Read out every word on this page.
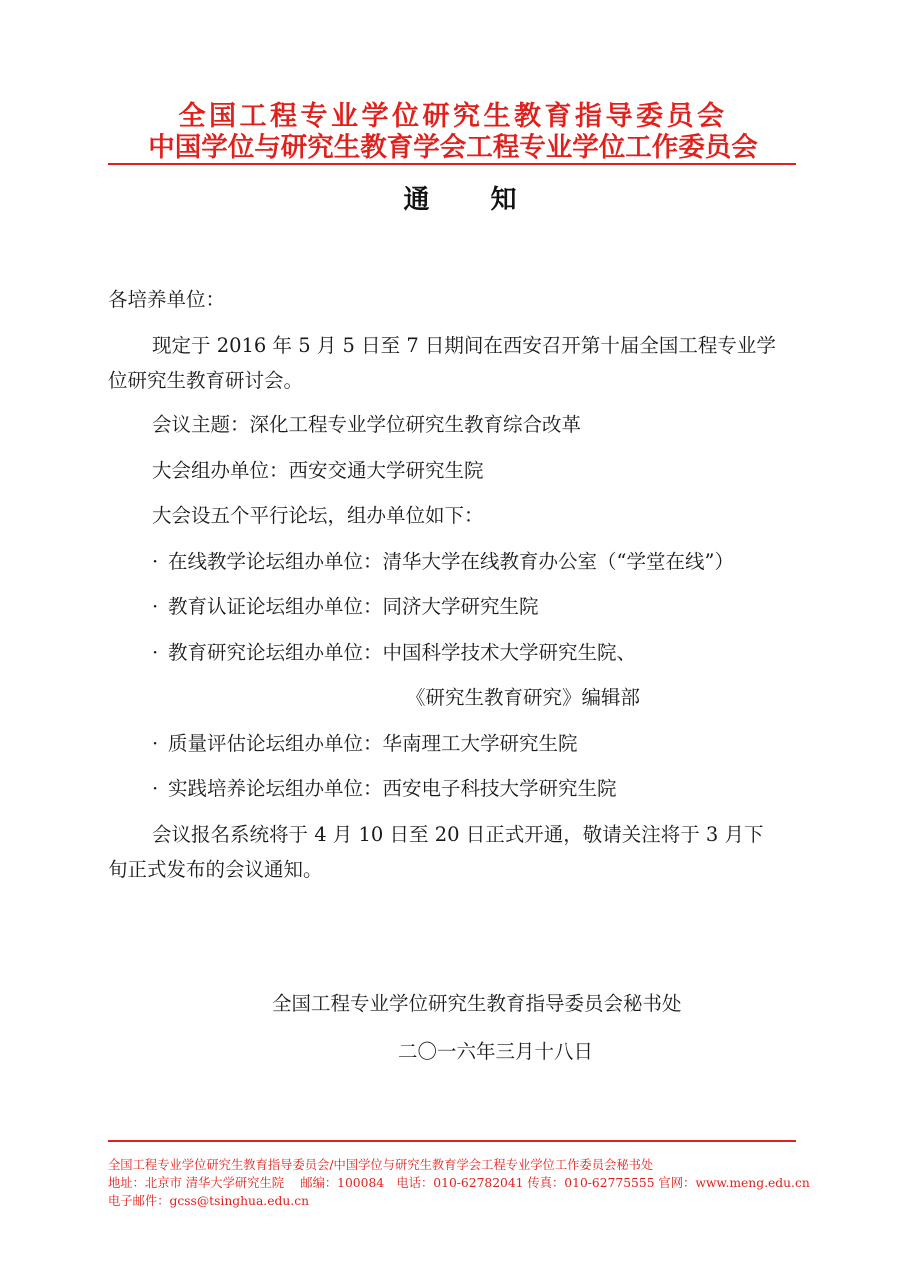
全国工程专业学位研究生教育指导委员会
中国学位与研究生教育学会工程专业学位工作委员会
通 知
各培养单位：
现定于 2016 年 5 月 5 日至 7 日期间在西安召开第十届全国工程专业学
位研究生教育研讨会。
会议主题：深化工程专业学位研究生教育综合改革
大会组办单位：西安交通大学研究生院
大会设五个平行论坛，组办单位如下：
· 在线教学论坛组办单位：清华大学在线教育办公室（“学堂在线”）
· 教育认证论坛组办单位：同济大学研究生院
· 教育研究论坛组办单位：中国科学技术大学研究生院、
《研究生教育研究》编辑部
· 质量评估论坛组办单位：华南理工大学研究生院
· 实践培养论坛组办单位：西安电子科技大学研究生院
会议报名系统将于 4 月 10 日至 20 日正式开通，敬请关注将于 3 月下
旬正式发布的会议通知。
全国工程专业学位研究生教育指导委员会秘书处
二〇一六年三月十八日
全国工程专业学位研究生教育指导委员会/中国学位与研究生教育学会工程专业学位工作委员会秘书处
地址：北京市 清华大学研究生院　 邮编：100084　电话：010-62782041 传真：010-62775555 官网：www.meng.edu.cn
电子邮件：gcss@tsinghua.edu.cn
